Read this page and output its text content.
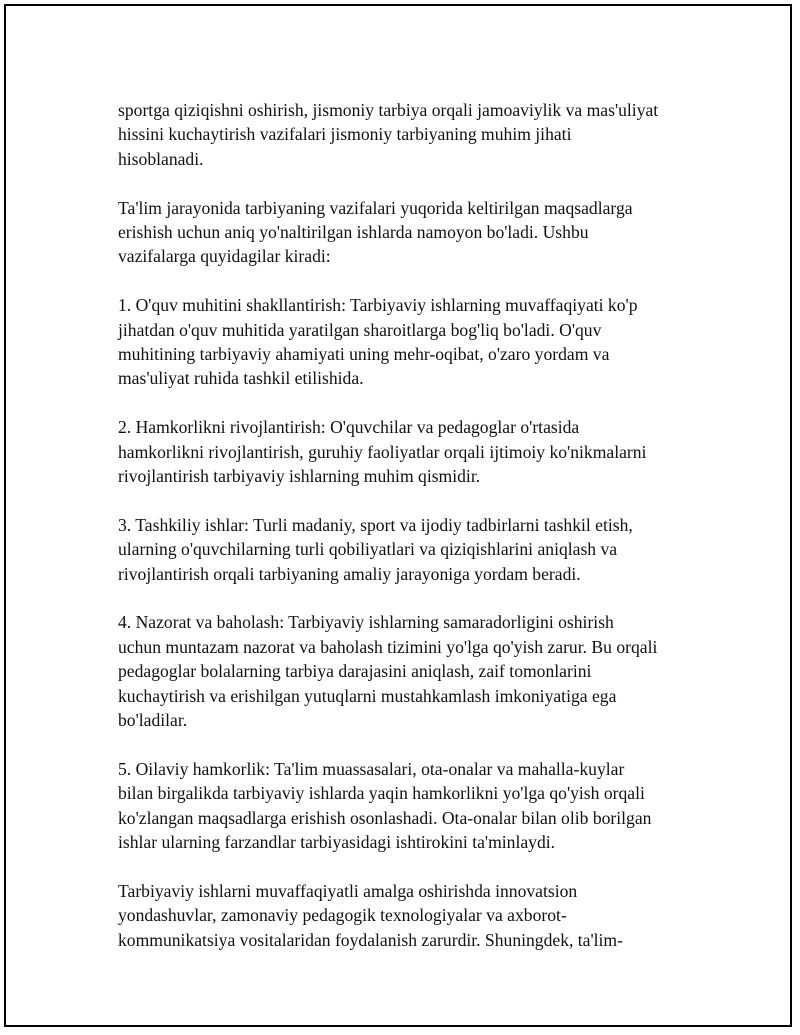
sportga qiziqishni oshirish, jismoniy tarbiya orqali jamoaviylik va mas'uliyat
hissini kuchaytirish vazifalari jismoniy tarbiyaning muhim jihati
hisoblanadi.

Ta'lim jarayonida tarbiyaning vazifalari yuqorida keltirilgan maqsadlarga
erishish uchun aniq yo'naltirilgan ishlarda namoyon bo'ladi. Ushbu
vazifalarga quyidagilar kiradi:

1. O'quv muhitini shakllantirish: Tarbiyaviy ishlarning muvaffaqiyati ko'p
jihatdan o'quv muhitida yaratilgan sharoitlarga bog'liq bo'ladi. O'quv
muhitining tarbiyaviy ahamiyati uning mehr-oqibat, o'zaro yordam va
mas'uliyat ruhida tashkil etilishida.

2. Hamkorlikni rivojlantirish: O'quvchilar va pedagoglar o'rtasida
hamkorlikni rivojlantirish, guruhiy faoliyatlar orqali ijtimoiy ko'nikmalarni
rivojlantirish tarbiyaviy ishlarning muhim qismidir.

3. Tashkiliy ishlar: Turli madaniy, sport va ijodiy tadbirlarni tashkil etish,
ularning o'quvchilarning turli qobiliyatlari va qiziqishlarini aniqlash va
rivojlantirish orqali tarbiyaning amaliy jarayoniga yordam beradi.

4. Nazorat va baholash: Tarbiyaviy ishlarning samaradorligini oshirish
uchun muntazam nazorat va baholash tizimini yo'lga qo'yish zarur. Bu orqali
pedagoglar bolalarning tarbiya darajasini aniqlash, zaif tomonlarini
kuchaytirish va erishilgan yutuqlarni mustahkamlash imkoniyatiga ega
bo'ladilar.

5. Oilaviy hamkorlik: Ta'lim muassasalari, ota-onalar va mahalla-kuylar
bilan birgalikda tarbiyaviy ishlarda yaqin hamkorlikni yo'lga qo'yish orqali
ko'zlangan maqsadlarga erishish osonlashadi. Ota-onalar bilan olib borilgan
ishlar ularning farzandlar tarbiyasidagi ishtirokini ta'minlaydi.

Tarbiyaviy ishlarni muvaffaqiyatli amalga oshirishda innovatsion
yondashuvlar, zamonaviy pedagogik texnologiyalar va axborot-
kommunikatsiya vositalaridan foydalanish zarurdir. Shuningdek, ta'lim-
